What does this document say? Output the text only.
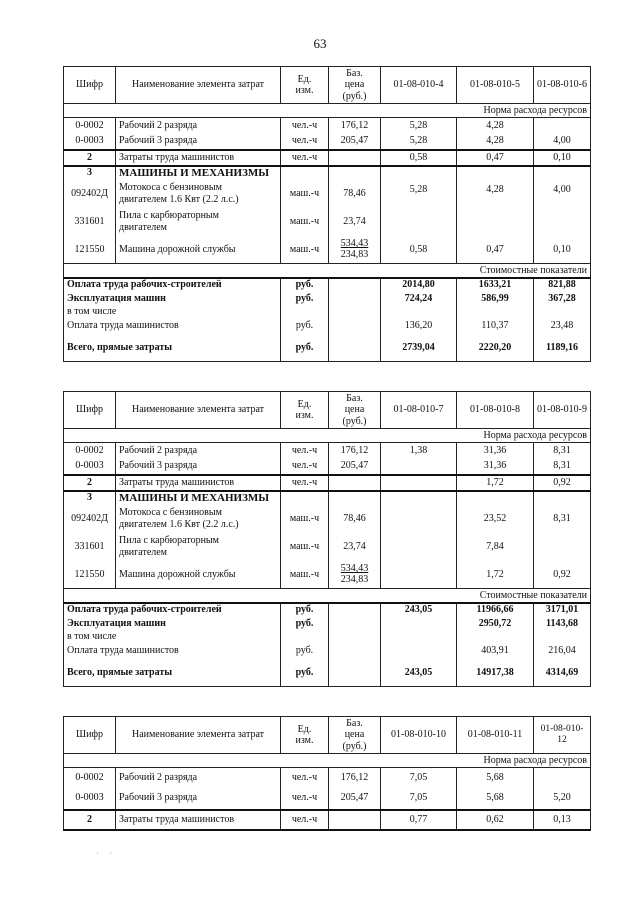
63
Шифр	Наименование элемента затрат	Ед.
изм.	Баз.
цена
(руб.)	01-08-010-4	01-08-010-5	01-08-010-6
Норма расхода ресурсов						
0-0002	Рабочий 2 разряда	чел.-ч	176,12	5,28	4,28	
0-0003	Рабочий 3 разряда	чел.-ч	205,47	5,28	4,28	4,00
2	Затраты труда машинистов	чел.-ч		0,58	0,47	0,10
3	МАШИНЫ И МЕХАНИЗМЫ					
092402Д	Мотокоса с бензиновым
двигателем 1.6 Квт (2.2 л.с.)	маш.-ч	78,46	5,28	4,28	4,00
331601	Пила с карбюраторным
двигателем	маш.-ч	23,74			
121550	Машина дорожной службы	маш.-ч	534,43
234,83	0,58	0,47	0,10
Стоимостные показатели						
Оплата труда рабочих-строителей		руб.		2014,80	1633,21	821,88
Эксплуатация машин		руб.		724,24	586,99	367,28
в том числе						
Оплата труда машинистов		руб.		136,20	110,37	23,48
Всего, прямые затраты		руб.		2739,04	2220,20	1189,16
Шифр	Наименование элемента затрат	Ед.
изм.	Баз.
цена
(руб.)	01-08-010-7	01-08-010-8	01-08-010-9
Норма расхода ресурсов						
0-0002	Рабочий 2 разряда	чел.-ч	176,12	1,38	31,36	8,31
0-0003	Рабочий 3 разряда	чел.-ч	205,47		31,36	8,31
2	Затраты труда машинистов	чел.-ч			1,72	0,92
3	МАШИНЫ И МЕХАНИЗМЫ					
092402Д	Мотокоса с бензиновым
двигателем 1.6 Квт (2.2 л.с.)	маш.-ч	78,46		23,52	8,31
331601	Пила с карбюраторным
двигателем	маш.-ч	23,74		7,84	
121550	Машина дорожной службы	маш.-ч	534,43
234,83		1,72	0,92
Стоимостные показатели						
Оплата труда рабочих-строителей		руб.		243,05	11966,66	3171,01
Эксплуатация машин		руб.			2950,72	1143,68
в том числе						
Оплата труда машинистов		руб.			403,91	216,04
Всего, прямые затраты		руб.		243,05	14917,38	4314,69
Шифр	Наименование элемента затрат	Ед.
изм.	Баз.
цена
(руб.)	01-08-010-10	01-08-010-11	01-08-010-12
Норма расхода ресурсов						
0-0002	Рабочий 2 разряда	чел.-ч	176,12	7,05	5,68	
0-0003	Рабочий 3 разряда	чел.-ч	205,47	7,05	5,68	5,20
2	Затраты труда машинистов	чел.-ч		0,77	0,62	0,13
· ·
